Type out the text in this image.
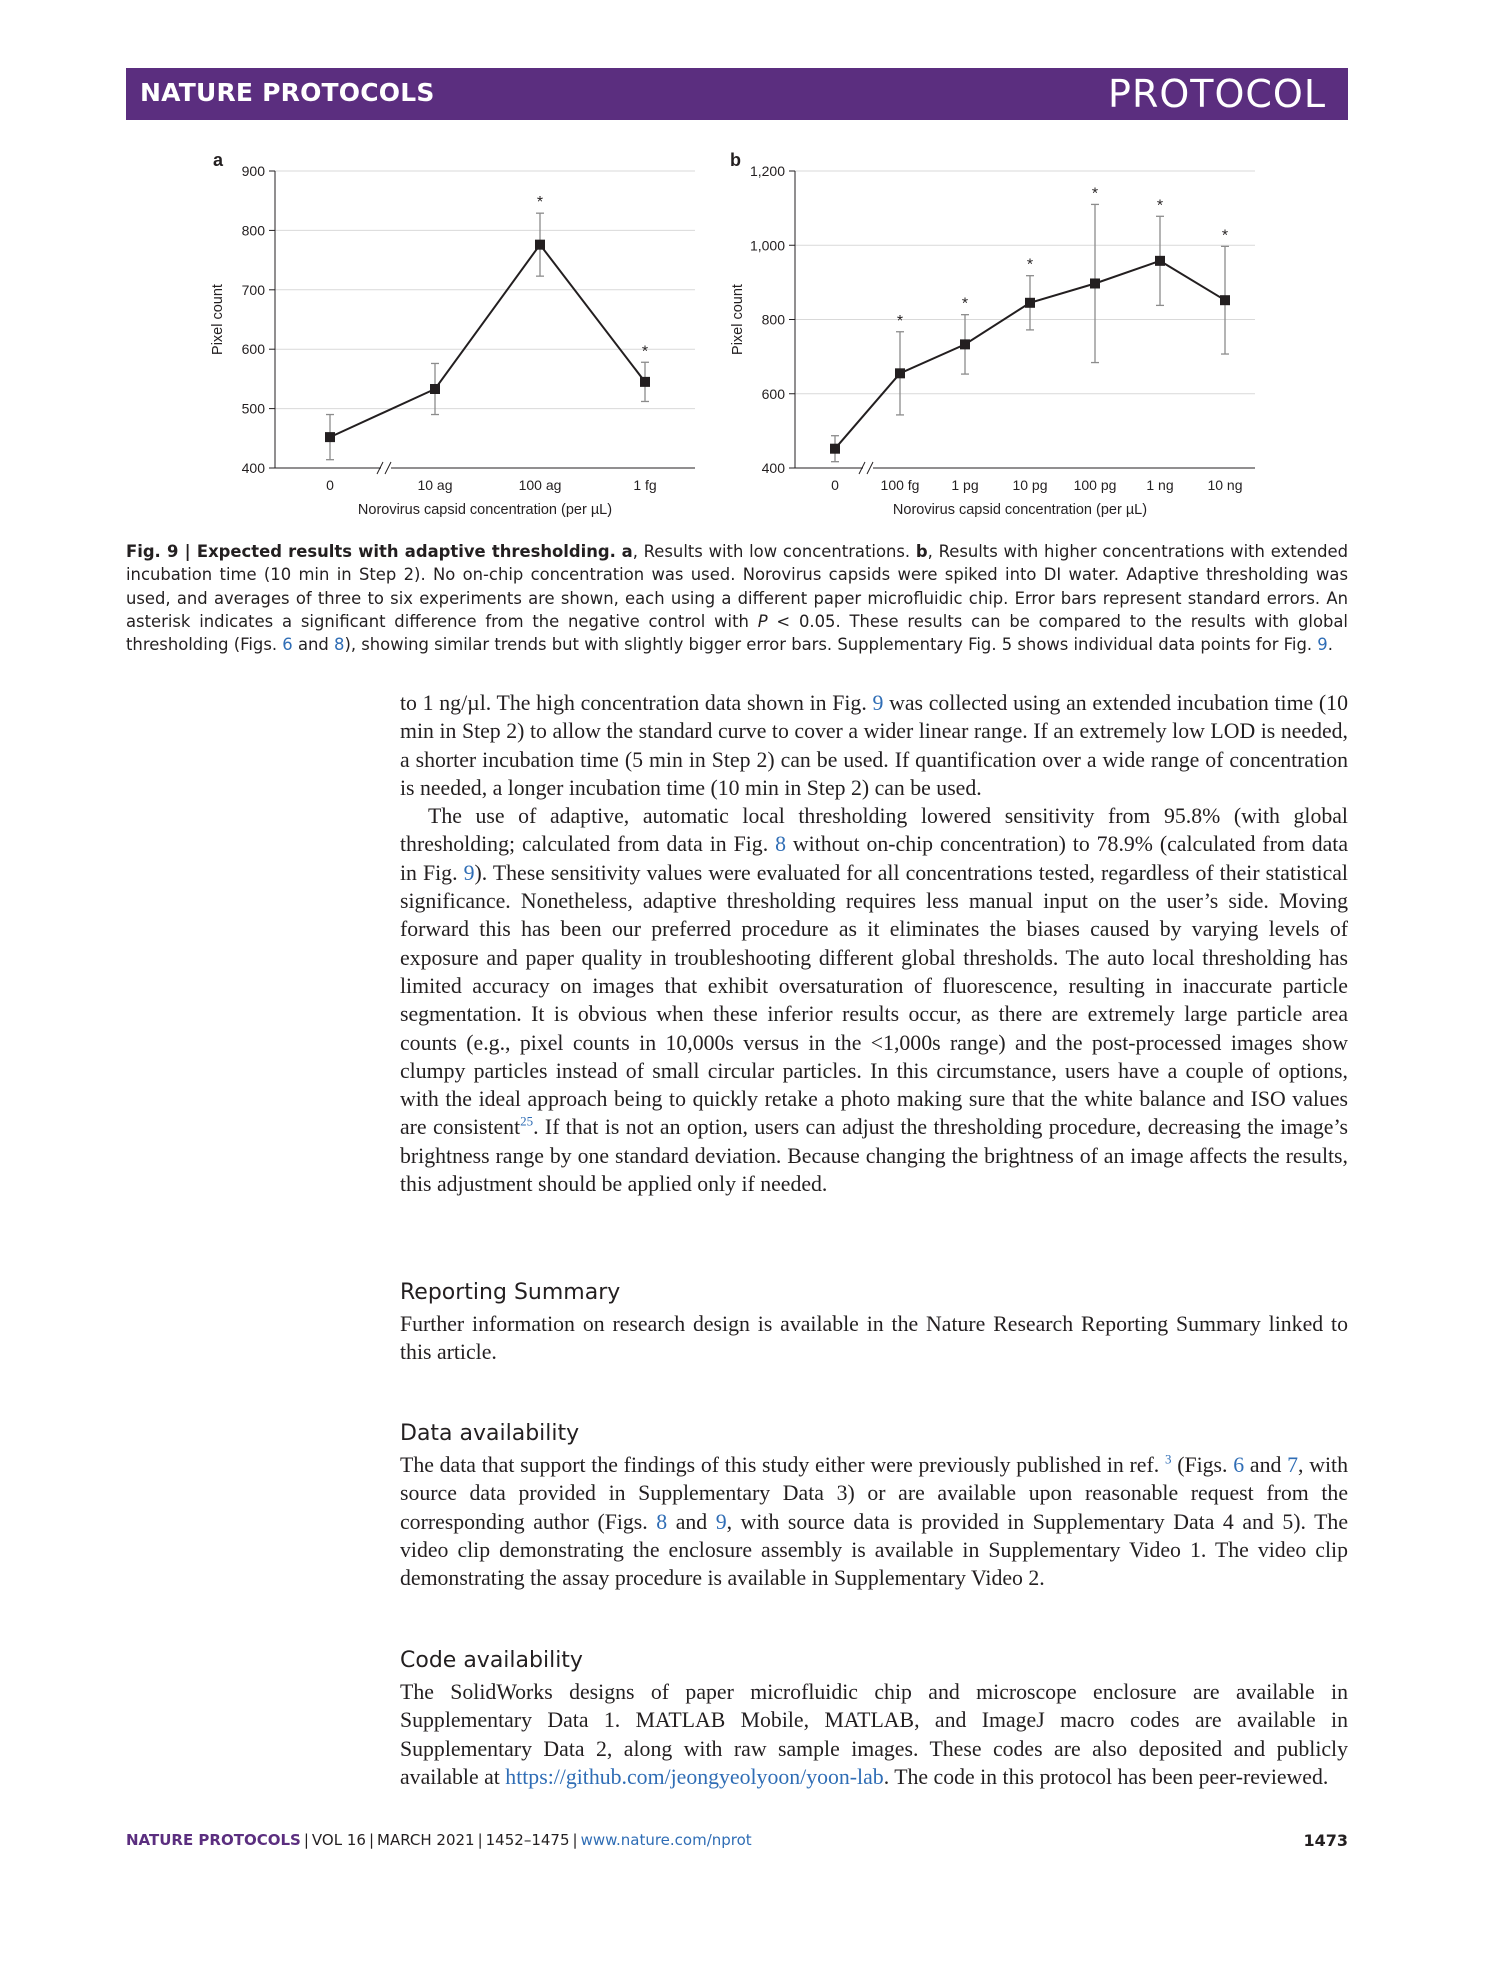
NATURE PROTOCOLS	PROTOCOL
a	b
400
500
600
700
800
900
0	10 ag	100 ag	1 fg
Norovirus capsid concentration (per µL)
Pixel count
*
*
400
600
800
1,000
1,200
0	100 fg 1 pg 10 pg 100 pg 1 ng 10 ng
Norovirus capsid concentration (per µL)
Pixel count	*
*
*
*
*
*
Fig. 9 | Expected results with adaptive thresholding. a, Results with low concentrations. b, Results with higher concentrations with extended incubation time (10 min in Step 2). No on-chip concentration was used. Norovirus capsids were spiked into DI water. Adaptive thresholding was used, and averages of three to six experiments are shown, each using a different paper microfluidic chip. Error bars represent standard errors. An asterisk indicates a significant difference from the negative control with P < 0.05. These results can be compared to the results with global thresholding (Figs. 6 and 8), showing similar trends but with slightly bigger error bars. Supplementary Fig. 5 shows individual data points for Fig. 9.

to 1 ng/µl. The high concentration data shown in Fig. 9 was collected using an extended incubation time (10 min in Step 2) to allow the standard curve to cover a wider linear range. If an extremely low LOD is needed, a shorter incubation time (5 min in Step 2) can be used. If quantification over a wide range of concentration is needed, a longer incubation time (10 min in Step 2) can be used.

The use of adaptive, automatic local thresholding lowered sensitivity from 95.8% (with global thresholding; calculated from data in Fig. 8 without on-chip concentration) to 78.9% (calculated from data in Fig. 9). These sensitivity values were evaluated for all concentrations tested, regardless of their statistical significance. Nonetheless, adaptive thresholding requires less manual input on the user’s side. Moving forward this has been our preferred procedure as it eliminates the biases caused by varying levels of exposure and paper quality in troubleshooting different global thresholds. The auto local thresholding has limited accuracy on images that exhibit oversaturation of fluorescence, resulting in inaccurate particle segmentation. It is obvious when these inferior results occur, as there are extremely large particle area counts (e.g., pixel counts in 10,000s versus in the <1,000s range) and the post-processed images show clumpy particles instead of small circular particles. In this circumstance, users have a couple of options, with the ideal approach being to quickly retake a photo making sure that the white balance and ISO values are consistent$^{25}$. If that is not an option, users can adjust the thresholding procedure, decreasing the image’s brightness range by one standard deviation. Because changing the brightness of an image affects the results, this adjustment should be applied only if needed.

Reporting Summary

Further information on research design is available in the Nature Research Reporting Summary linked to this article.

Data availability

The data that support the findings of this study either were previously published in ref. $^3$ (Figs. 6 and 7, with source data provided in Supplementary Data 3) or are available upon reasonable request from the corresponding author (Figs. 8 and 9, with source data is provided in Supplementary Data 4 and 5). The video clip demonstrating the enclosure assembly is available in Supplementary Video 1. The video clip demonstrating the assay procedure is available in Supplementary Video 2.

Code availability

The SolidWorks designs of paper microfluidic chip and microscope enclosure are available in Supplementary Data 1. MATLAB Mobile, MATLAB, and ImageJ macro codes are available in Supplementary Data 2, along with raw sample images. These codes are also deposited and publicly available at https://github.com/jeongyeolyoon/yoon-lab. The code in this protocol has been peer-reviewed.

NATURE PROTOCOLS | VOL 16 | MARCH 2021 | 1452–1475 | www.nature.com/nprot	1473
